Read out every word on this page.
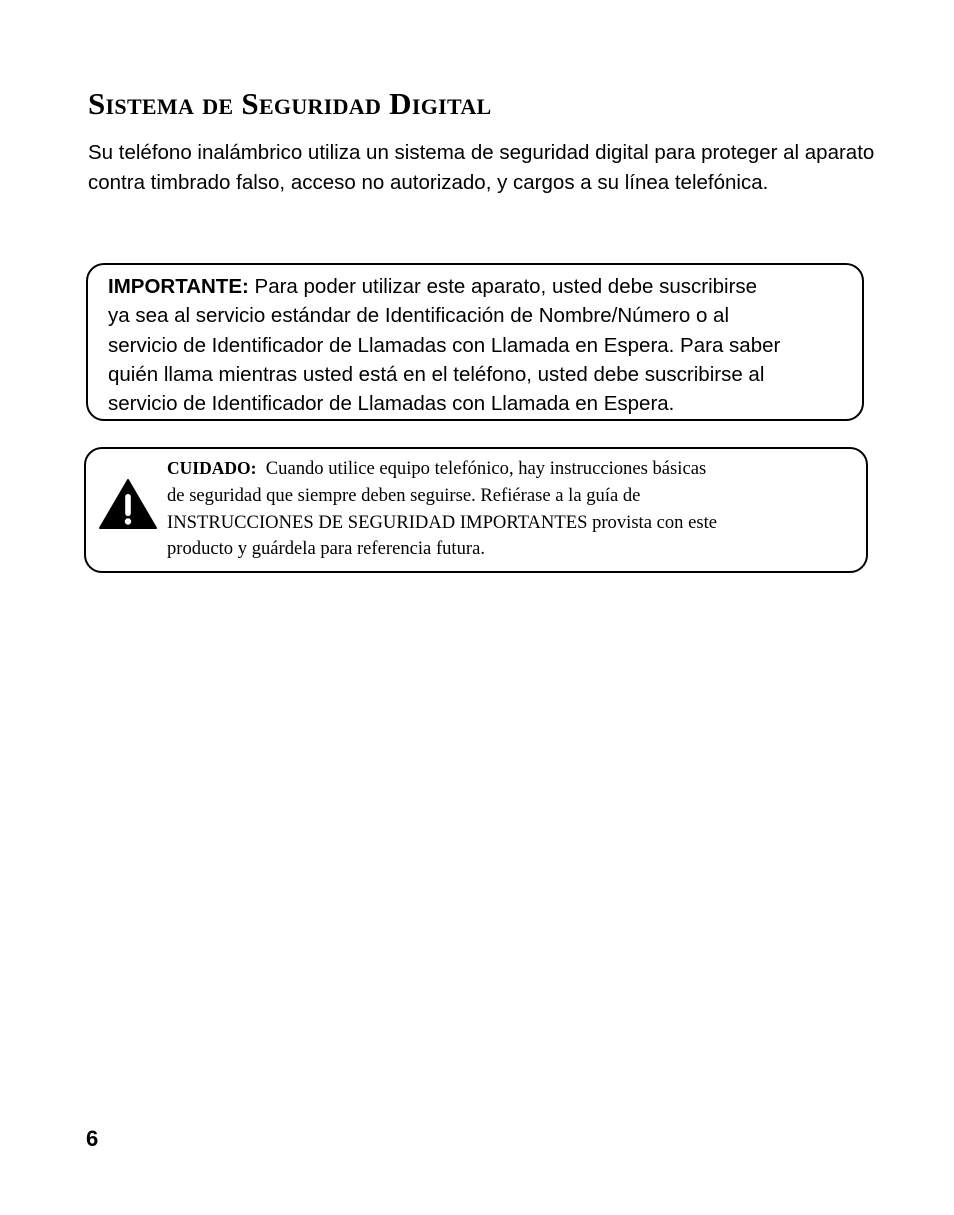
Sistema de Seguridad Digital

Su teléfono inalámbrico utiliza un sistema de seguridad digital para proteger al aparato contra timbrado falso, acceso no autorizado, y cargos a su línea telefónica.

IMPORTANTE: Para poder utilizar este aparato, usted debe suscribirse
ya sea al servicio estándar de Identificación de Nombre/Número o al
servicio de Identificador de Llamadas con Llamada en Espera. Para saber
quién llama mientras usted está en el teléfono, usted debe suscribirse al
servicio de Identificador de Llamadas con Llamada en Espera.

CUIDADO:  Cuando utilice equipo telefónico, hay instrucciones básicas
de seguridad que siempre deben seguirse. Refiérase a la guía de
INSTRUCCIONES DE SEGURIDAD IMPORTANTES provista con este
producto y guárdela para referencia futura.

6
